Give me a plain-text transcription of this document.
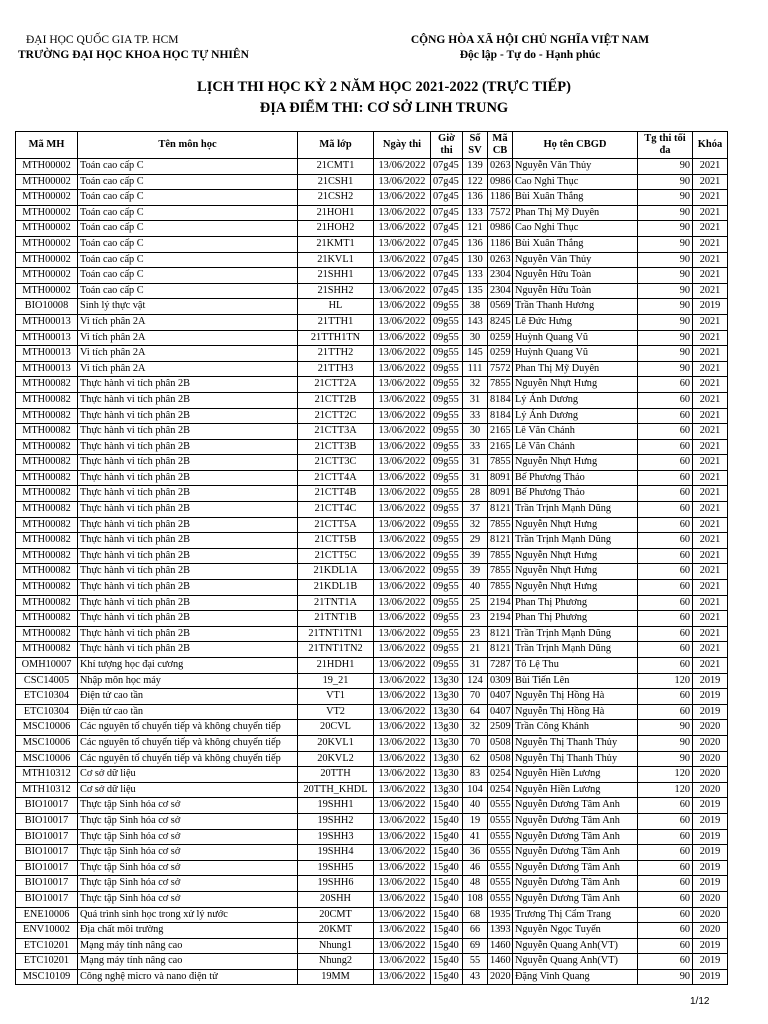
ĐẠI HỌC QUỐC GIA TP. HCM
TRƯỜNG ĐẠI HỌC KHOA HỌC TỰ NHIÊN
CỘNG HÒA XÃ HỘI CHỦ NGHĨA VIỆT NAM
Độc lập - Tự do - Hạnh phúc
LỊCH THI HỌC KỲ 2 NĂM HỌC 2021-2022 (TRỰC TIẾP)
ĐỊA ĐIỂM THI: CƠ SỞ LINH TRUNG
Mã MH	Tên môn học	Mã lớp	Ngày thi	Giờ thi	Số SV	Mã CB	Họ tên CBGD	Tg thi tối đa	Khóa
MTH00002	Toán cao cấp C	21CMT1	13/06/2022	07g45	139	0263	Nguyễn Văn Thủy	90	2021
MTH00002	Toán cao cấp C	21CSH1	13/06/2022	07g45	122	0986	Cao Nghi Thục	90	2021
MTH00002	Toán cao cấp C	21CSH2	13/06/2022	07g45	136	1186	Bùi Xuân Thắng	90	2021
MTH00002	Toán cao cấp C	21HOH1	13/06/2022	07g45	133	7572	Phan Thị Mỹ Duyên	90	2021
MTH00002	Toán cao cấp C	21HOH2	13/06/2022	07g45	121	0986	Cao Nghi Thục	90	2021
MTH00002	Toán cao cấp C	21KMT1	13/06/2022	07g45	136	1186	Bùi Xuân Thắng	90	2021
MTH00002	Toán cao cấp C	21KVL1	13/06/2022	07g45	130	0263	Nguyễn Văn Thủy	90	2021
MTH00002	Toán cao cấp C	21SHH1	13/06/2022	07g45	133	2304	Nguyễn Hữu Toàn	90	2021
MTH00002	Toán cao cấp C	21SHH2	13/06/2022	07g45	135	2304	Nguyễn Hữu Toàn	90	2021
BIO10008	Sinh lý thực vật	HL	13/06/2022	09g55	38	0569	Trần Thanh Hương	90	2019
MTH00013	Vi tích phân 2A	21TTH1	13/06/2022	09g55	143	8245	Lê Đức Hưng	90	2021
MTH00013	Vi tích phân 2A	21TTH1TN	13/06/2022	09g55	30	0259	Huỳnh Quang Vũ	90	2021
MTH00013	Vi tích phân 2A	21TTH2	13/06/2022	09g55	145	0259	Huỳnh Quang Vũ	90	2021
MTH00013	Vi tích phân 2A	21TTH3	13/06/2022	09g55	111	7572	Phan Thị Mỹ Duyên	90	2021
MTH00082	Thực hành vi tích phân 2B	21CTT2A	13/06/2022	09g55	32	7855	Nguyễn Nhựt Hưng	60	2021
MTH00082	Thực hành vi tích phân 2B	21CTT2B	13/06/2022	09g55	31	8184	Lý Ánh Dương	60	2021
MTH00082	Thực hành vi tích phân 2B	21CTT2C	13/06/2022	09g55	33	8184	Lý Ánh Dương	60	2021
MTH00082	Thực hành vi tích phân 2B	21CTT3A	13/06/2022	09g55	30	2165	Lê Văn Chánh	60	2021
MTH00082	Thực hành vi tích phân 2B	21CTT3B	13/06/2022	09g55	33	2165	Lê Văn Chánh	60	2021
MTH00082	Thực hành vi tích phân 2B	21CTT3C	13/06/2022	09g55	31	7855	Nguyễn Nhựt Hưng	60	2021
MTH00082	Thực hành vi tích phân 2B	21CTT4A	13/06/2022	09g55	31	8091	Bế Phương Thảo	60	2021
MTH00082	Thực hành vi tích phân 2B	21CTT4B	13/06/2022	09g55	28	8091	Bế Phương Thảo	60	2021
MTH00082	Thực hành vi tích phân 2B	21CTT4C	13/06/2022	09g55	37	8121	Trần Trịnh Mạnh Dũng	60	2021
MTH00082	Thực hành vi tích phân 2B	21CTT5A	13/06/2022	09g55	32	7855	Nguyễn Nhựt Hưng	60	2021
MTH00082	Thực hành vi tích phân 2B	21CTT5B	13/06/2022	09g55	29	8121	Trần Trịnh Mạnh Dũng	60	2021
MTH00082	Thực hành vi tích phân 2B	21CTT5C	13/06/2022	09g55	39	7855	Nguyễn Nhựt Hưng	60	2021
MTH00082	Thực hành vi tích phân 2B	21KDL1A	13/06/2022	09g55	39	7855	Nguyễn Nhựt Hưng	60	2021
MTH00082	Thực hành vi tích phân 2B	21KDL1B	13/06/2022	09g55	40	7855	Nguyễn Nhựt Hưng	60	2021
MTH00082	Thực hành vi tích phân 2B	21TNT1A	13/06/2022	09g55	25	2194	Phan Thị Phương	60	2021
MTH00082	Thực hành vi tích phân 2B	21TNT1B	13/06/2022	09g55	23	2194	Phan Thị Phương	60	2021
MTH00082	Thực hành vi tích phân 2B	21TNT1TN1	13/06/2022	09g55	23	8121	Trần Trịnh Mạnh Dũng	60	2021
MTH00082	Thực hành vi tích phân 2B	21TNT1TN2	13/06/2022	09g55	21	8121	Trần Trịnh Mạnh Dũng	60	2021
OMH10007	Khí tượng học đại cương	21HDH1	13/06/2022	09g55	31	7287	Tô Lệ Thu	60	2021
CSC14005	Nhập môn học máy	19_21	13/06/2022	13g30	124	0309	Bùi Tiến Lên	120	2019
ETC10304	Điện tử cao tần	VT1	13/06/2022	13g30	70	0407	Nguyễn Thị Hồng Hà	60	2019
ETC10304	Điện tử cao tần	VT2	13/06/2022	13g30	64	0407	Nguyễn Thị Hồng Hà	60	2019
MSC10006	Các nguyên tố chuyển tiếp và không chuyển tiếp	20CVL	13/06/2022	13g30	32	2509	Trần Công Khánh	90	2020
MSC10006	Các nguyên tố chuyển tiếp và không chuyển tiếp	20KVL1	13/06/2022	13g30	70	0508	Nguyễn Thị Thanh Thủy	90	2020
MSC10006	Các nguyên tố chuyển tiếp và không chuyển tiếp	20KVL2	13/06/2022	13g30	62	0508	Nguyễn Thị Thanh Thủy	90	2020
MTH10312	Cơ sở dữ liệu	20TTH	13/06/2022	13g30	83	0254	Nguyễn Hiền Lương	120	2020
MTH10312	Cơ sở dữ liệu	20TTH_KHDL	13/06/2022	13g30	104	0254	Nguyễn Hiền Lương	120	2020
BIO10017	Thực tập Sinh hóa cơ sở	19SHH1	13/06/2022	15g40	40	0555	Nguyễn Dương Tâm Anh	60	2019
BIO10017	Thực tập Sinh hóa cơ sở	19SHH2	13/06/2022	15g40	19	0555	Nguyễn Dương Tâm Anh	60	2019
BIO10017	Thực tập Sinh hóa cơ sở	19SHH3	13/06/2022	15g40	41	0555	Nguyễn Dương Tâm Anh	60	2019
BIO10017	Thực tập Sinh hóa cơ sở	19SHH4	13/06/2022	15g40	36	0555	Nguyễn Dương Tâm Anh	60	2019
BIO10017	Thực tập Sinh hóa cơ sở	19SHH5	13/06/2022	15g40	46	0555	Nguyễn Dương Tâm Anh	60	2019
BIO10017	Thực tập Sinh hóa cơ sở	19SHH6	13/06/2022	15g40	48	0555	Nguyễn Dương Tâm Anh	60	2019
BIO10017	Thực tập Sinh hóa cơ sở	20SHH	13/06/2022	15g40	108	0555	Nguyễn Dương Tâm Anh	60	2020
ENE10006	Quá trình sinh học trong xử lý nước	20CMT	13/06/2022	15g40	68	1935	Trương Thị Cẩm Trang	60	2020
ENV10002	Địa chất môi trường	20KMT	13/06/2022	15g40	66	1393	Nguyễn Ngọc Tuyển	60	2020
ETC10201	Mạng máy tính nâng cao	Nhung1	13/06/2022	15g40	69	1460	Nguyễn Quang Anh(VT)	60	2019
ETC10201	Mạng máy tính nâng cao	Nhung2	13/06/2022	15g40	55	1460	Nguyễn Quang Anh(VT)	60	2019
MSC10109	Công nghệ micro và nano điện tử	19MM	13/06/2022	15g40	43	2020	Đặng Vinh Quang	90	2019
1/12
